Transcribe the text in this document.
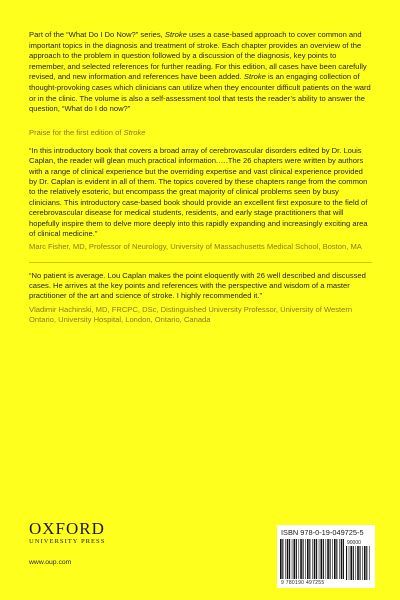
Part of the “What Do I Do Now?” series, Stroke uses a case-based approach to cover common and important topics in the diagnosis and treatment of stroke. Each chapter provides an overview of the approach to the problem in question followed by a discussion of the diagnosis, key points to remember, and selected references for further reading. For this edition, all cases have been carefully revised, and new information and references have been added. Stroke is an engaging collection of thought-provoking cases which clinicians can utilize when they encounter difficult patients on the ward or in the clinic. The volume is also a self-assessment tool that tests the reader’s ability to answer the question, “What do I do now?”

Praise for the first edition of Stroke

“In this introductory book that covers a broad array of cerebrovascular disorders edited by Dr. Louis Caplan, the reader will glean much practical information.….The 26 chapters were written by authors with a range of clinical experience but the overriding expertise and vast clinical experience provided by Dr. Caplan is evident in all of them. The topics covered by these chapters range from the common to the relatively esoteric, but encompass the great majority of clinical problems seen by busy clinicians. This introductory case-based book should provide an excellent first exposure to the field of cerebrovascular disease for medical students, residents, and early stage practitioners that will hopefully inspire them to delve more deeply into this rapidly expanding and increasingly exciting area of clinical medicine.”

Marc Fisher, MD, Professor of Neurology, University of Massachusetts Medical School, Boston, MA

“No patient is average. Lou Caplan makes the point eloquently with 26 well described and discussed cases. He arrives at the key points and references with the perspective and wisdom of a master practitioner of the art and science of stroke. I highly recommended it.”

Vladimir Hachinski, MD, FRCPC, DSc, Distinguished University Professor, University of Western Ontario, University Hospital, London, Ontario, Canada

OXFORD
UNIVERSITY PRESS
www.oup.com
ISBN 978-0-19-049725-5
90000
9 780190 497255
